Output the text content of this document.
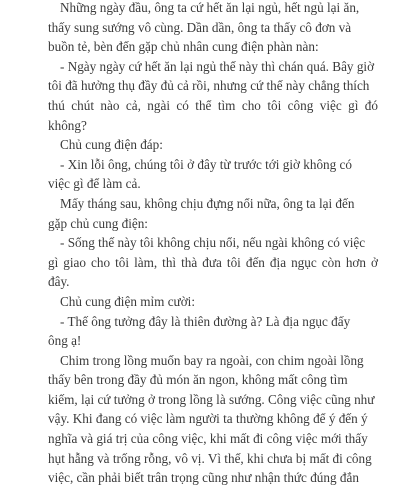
Những ngày đầu, ông ta cứ hết ăn lại ngủ, hết ngủ lại ăn,
thấy sung sướng vô cùng. Dần dần, ông ta thấy cô đơn và
buồn tẻ, bèn đến gặp chủ nhân cung điện phàn nàn:

- Ngày ngày cứ hết ăn lại ngủ thế này thì chán quá. Bây giờ
tôi đã hưởng thụ đầy đủ cả rồi, nhưng cứ thế này chẳng thích
thú chút nào cả, ngài có thể tìm cho tôi công việc gì đó không?

Chủ cung điện đáp:

- Xin lỗi ông, chúng tôi ở đây từ trước tới giờ không có
việc gì để làm cả.

Mấy tháng sau, không chịu đựng nổi nữa, ông ta lại đến
gặp chủ cung điện:

- Sống thế này tôi không chịu nổi, nếu ngài không có việc
gì giao cho tôi làm, thì thà đưa tôi đến địa ngục còn hơn ở đây.

Chủ cung điện mỉm cười:

- Thế ông tưởng đây là thiên đường à? Là địa ngục đấy
ông ạ!

Chim trong lồng muốn bay ra ngoài, con chim ngoài lồng
thấy bên trong đầy đủ món ăn ngon, không mất công tìm
kiếm, lại cứ tưởng ở trong lồng là sướng. Công việc cũng như
vậy. Khi đang có việc làm người ta thường không để ý đến ý
nghĩa và giá trị của công việc, khi mất đi công việc mới thấy
hụt hẫng và trống rỗng, vô vị. Vì thế, khi chưa bị mất đi công
việc, cần phải biết trân trọng cũng như nhận thức đúng đắn
